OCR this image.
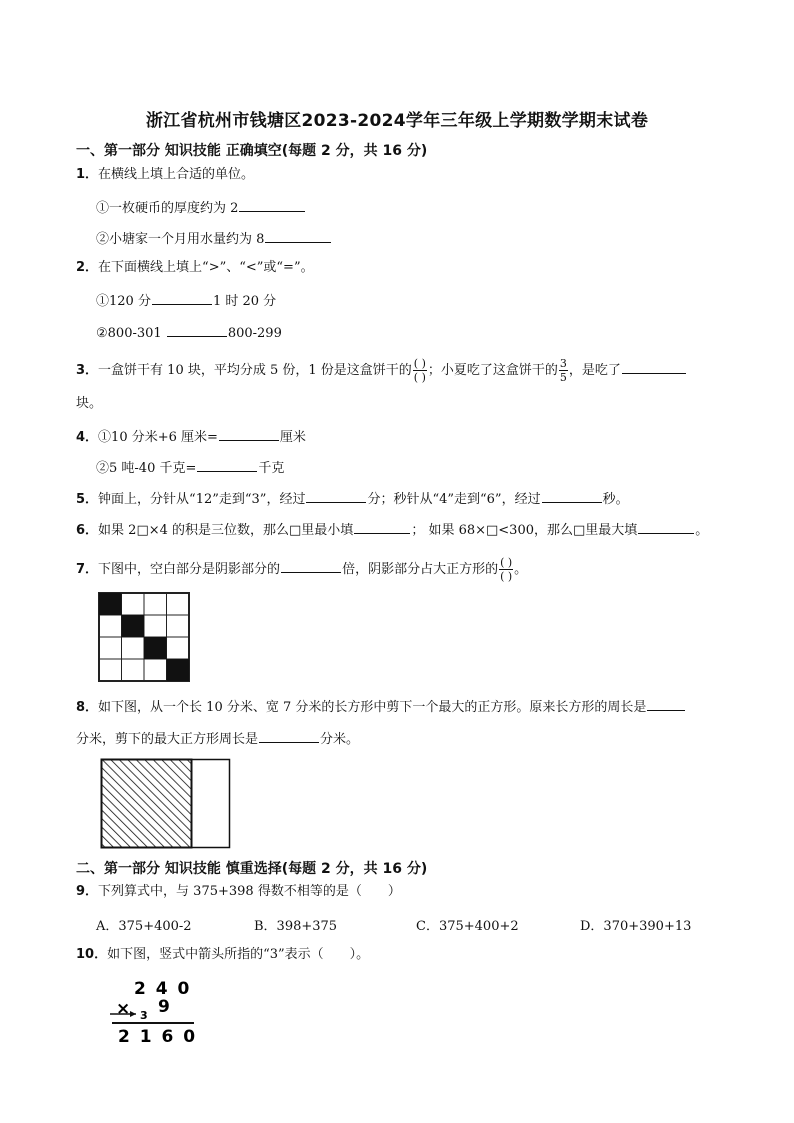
浙江省杭州市钱塘区2023-2024学年三年级上学期数学期末试卷
一、第一部分 知识技能 正确填空(每题 2 分，共 16 分)
1．在横线上填上合适的单位。
①一枚硬币的厚度约为 2
②小塘家一个月用水量约为 8
2．在下面横线上填上“>”、“<”或“=”。
①120 分	1 时 20 分
②800-301	800-299
3．一盒饼干有 10 块，平均分成 5 份，1 份是这盒饼干的 $\frac{( )}{( )}$ ；小夏吃了这盒饼干的 $\frac{3}{5}$ ，是吃了
块。
4．①10 分米+6 厘米=	厘米
②5 吨-40 千克=	千克
5．钟面上，分针从“12”走到“3”，经过	分；秒针从“4”走到“6”，经过	秒。
6．如果 2□×4 的积是三位数，那么□里最小填	； 如果 68×□<300，那么□里最大填	。
7．下图中，空白部分是阴影部分的	倍，阴影部分占大正方形的 $\frac{( )}{( )}$ 。
8．如下图，从一个长 10 分米、宽 7 分米的长方形中剪下一个最大的正方形。原来长方形的周长是
分米，剪下的最大正方形周长是	分米。
二、第一部分 知识技能 慎重选择(每题 2 分，共 16 分)
9．下列算式中，与 375+398 得数不相等的是（　　）
A．375+400-2	B．398+375	C．375+400+2	D．370+390+13
10．如下图，竖式中箭头所指的“3”表示（　　）。
2 4 0
× 9
3
2 1 6 0
